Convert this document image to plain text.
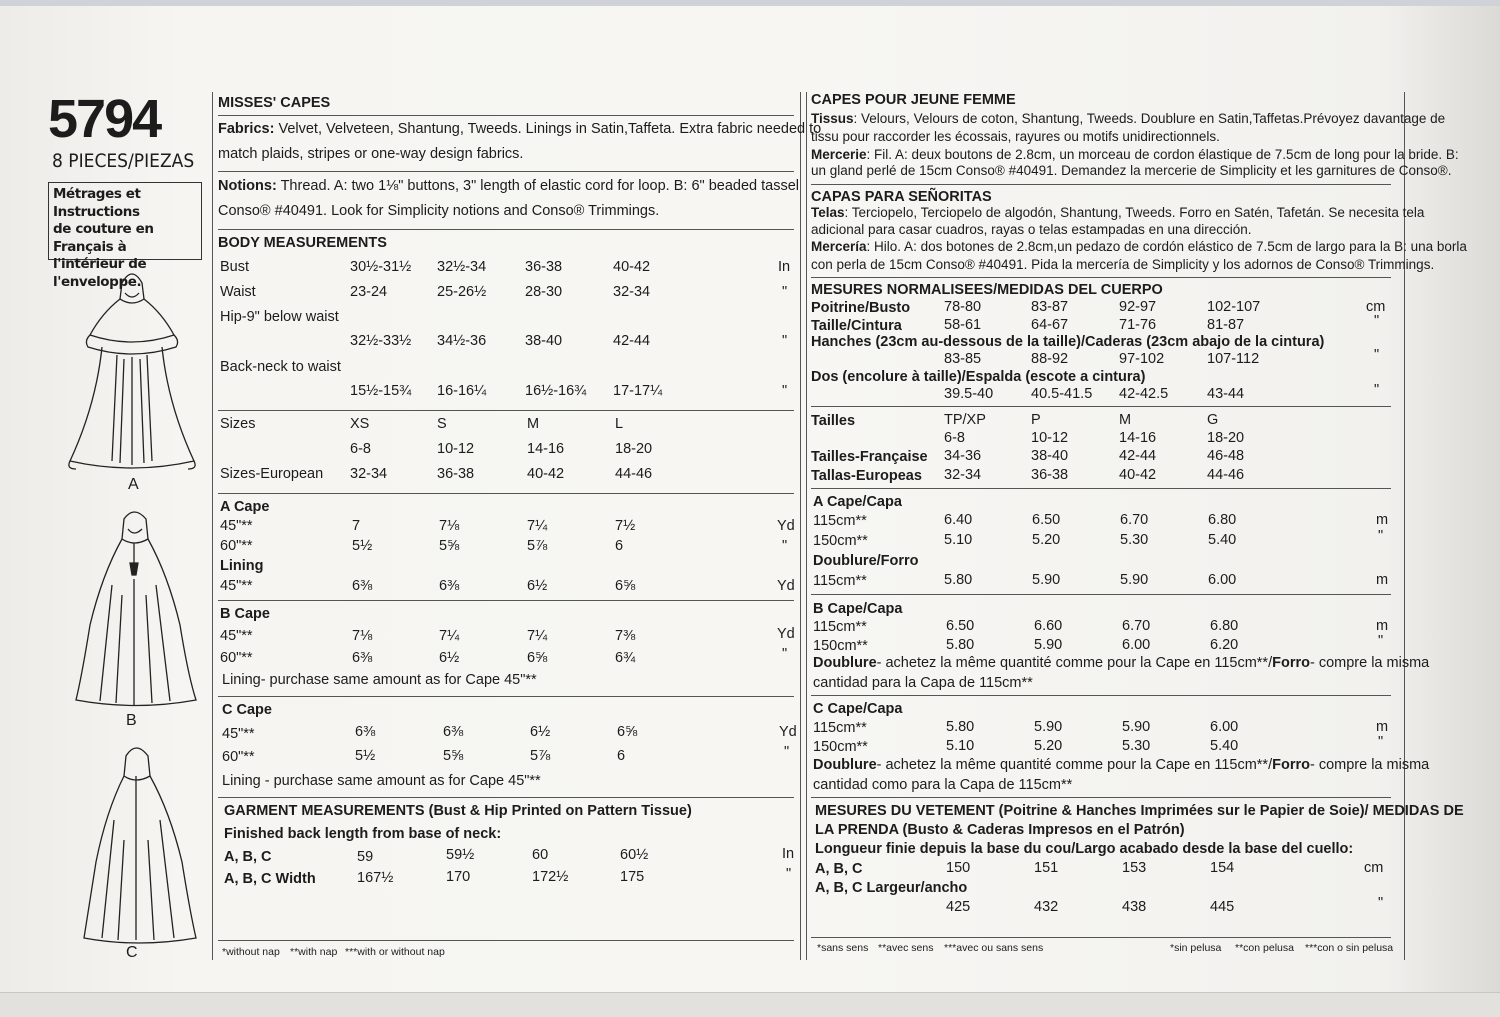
5794
8 PIECES/PIEZAS
Métrages et Instructions
de couture en Français à
l'intérieur de
l'enveloppe.
A
B
C
MISSES' CAPES
Fabrics: Velvet, Velveteen, Shantung, Tweeds. Linings in Satin,Taffeta. Extra fabric needed to
match plaids, stripes or one-way design fabrics.
Notions: Thread. A: two 1⅛" buttons, 3" length of elastic cord for loop. B: 6" beaded tassel
Conso® #40491. Look for Simplicity notions and Conso® Trimmings.
BODY MEASUREMENTS
Bust	30½-31½ 32½-34	36-38	40-42	In
Waist	23-24	25-26½	28-30	32-34	"
Hip-9" below waist
32½-33½ 34½-36	38-40	42-44	"
Back-neck to waist
15½-15¾ 16-16¼	16½-16¾ 17-17¼	"
Sizes	XS	S	M	L
6-8	10-12	14-16	18-20
Sizes-European 32-34	36-38	40-42	44-46
A Cape
45"**	7	7⅛	7¼	7½	Yd
60"**	5½	5⅝	5⅞	6	"
Lining
45"**	6⅜	6⅜	6½	6⅝	Yd
B Cape
45"**	7⅛	7¼	7¼	7⅜	Yd
60"**	6⅜	6½	6⅝	6¾	"
Lining- purchase same amount as for Cape 45"**
C Cape
45"**	6⅜	6⅜	6½	6⅝	Yd
60"**	5½	5⅝	5⅞	6	"
Lining - purchase same amount as for Cape 45"**
GARMENT MEASUREMENTS (Bust & Hip Printed on Pattern Tissue)
Finished back length from base of neck:
A, B, C	59	59½	60	60½	In
A, B, C Width	167½	170	172½	175	"
*without nap **with nap ***with or without nap
CAPES POUR JEUNE FEMME
Tissus: Velours, Velours de coton, Shantung, Tweeds. Doublure en Satin,Taffetas.Prévoyez davantage de
tissu pour raccorder les écossais, rayures ou motifs unidirectionnels.
Mercerie: Fil. A: deux boutons de 2.8cm, un morceau de cordon élastique de 7.5cm de long pour la bride. B:
un gland perlé de 15cm Conso® #40491. Demandez la mercerie de Simplicity et les garnitures de Conso®.
CAPAS PARA SEÑORITAS
Telas: Terciopelo, Terciopelo de algodón, Shantung, Tweeds. Forro en Satén, Tafetán. Se necesita tela
adicional para casar cuadros, rayas o telas estampadas en una dirección.
Mercería: Hilo. A: dos botones de 2.8cm,un pedazo de cordón elástico de 7.5cm de largo para la B: una borla
con perla de 15cm Conso® #40491. Pida la mercería de Simplicity y los adornos de Conso® Trimmings.
MESURES NORMALISEES/MEDIDAS DEL CUERPO
Poitrine/Busto 78-80	83-87	92-97	102-107	cm
Taille/Cintura	58-61	64-67	71-76	81-87	"
Hanches (23cm au-dessous de la taille)/Caderas (23cm abajo de la cintura)
83-85	88-92	97-102	107-112	"
Dos (encolure à taille)/Espalda (escote a cintura)
39.5-40	40.5-41.5 42-42.5	43-44	"
Tailles	TP/XP	P	M	G
6-8	10-12	14-16	18-20
Tailles-Française 34-36	38-40	42-44	46-48
Tallas-Europeas 32-34	36-38	40-42	44-46
A Cape/Capa
115cm**	6.40	6.50	6.70	6.80	m
150cm**	5.10	5.20	5.30	5.40	"
Doublure/Forro
115cm**	5.80	5.90	5.90	6.00	m
B Cape/Capa
115cm**	6.50	6.60	6.70	6.80	m
150cm**	5.80	5.90	6.00	6.20	"
Doublure- achetez la même quantité comme pour la Cape en 115cm**/Forro- compre la misma
cantidad para la Capa de 115cm**
C Cape/Capa
115cm**	5.80	5.90	5.90	6.00	m
150cm**	5.10	5.20	5.30	5.40	"
Doublure- achetez la même quantité comme pour la Cape en 115cm**/Forro- compre la misma
cantidad como para la Capa de 115cm**
MESURES DU VETEMENT (Poitrine & Hanches Imprimées sur le Papier de Soie)/ MEDIDAS DE
LA PRENDA (Busto & Caderas Impresos en el Patrón)
Longueur finie depuis la base du cou/Largo acabado desde la base del cuello:
A, B, C	150	151	153	154	cm
A, B, C Largeur/ancho
425	432	438	445	"
*sans sens **avec sens ***avec ou sans sens	*sin pelusa **con pelusa ***con o sin pelusa
